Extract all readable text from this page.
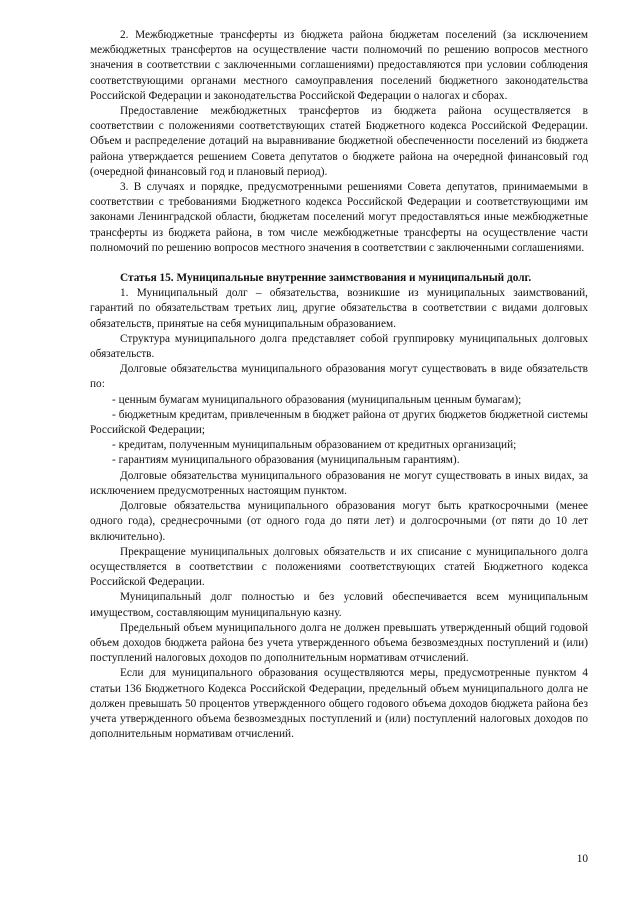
2. Межбюджетные трансферты из бюджета района бюджетам поселений (за исключением межбюджетных трансфертов на осуществление части полномочий по решению вопросов местного значения в соответствии с заключенными соглашениями) предоставляются при условии соблюдения соответствующими органами местного самоуправления поселений бюджетного законодательства Российской Федерации и законодательства Российской Федерации о налогах и сборах.

Предоставление межбюджетных трансфертов из бюджета района осуществляется в соответствии с положениями соответствующих статей Бюджетного кодекса Российской Федерации. Объем и распределение дотаций на выравнивание бюджетной обеспеченности поселений из бюджета района утверждается решением Совета депутатов о бюджете района на очередной финансовый год (очередной финансовый год и плановый период).

3. В случаях и порядке, предусмотренными решениями Совета депутатов, принимаемыми в соответствии с требованиями Бюджетного кодекса Российской Федерации и соответствующими им законами Ленинградской области, бюджетам поселений могут предоставляться иные межбюджетные трансферты из бюджета района, в том числе межбюджетные трансферты на осуществление части полномочий по решению вопросов местного значения в соответствии с заключенными соглашениями.

Статья 15. Муниципальные внутренние заимствования и муниципальный долг.

1. Муниципальный долг – обязательства, возникшие из муниципальных заимствований, гарантий по обязательствам третьих лиц, другие обязательства в соответствии с видами долговых обязательств, принятые на себя муниципальным образованием.

Структура муниципального долга представляет собой группировку муниципальных долговых обязательств.

Долговые обязательства муниципального образования могут существовать в виде обязательств по:

- ценным бумагам муниципального образования (муниципальным ценным бумагам);

- бюджетным кредитам, привлеченным в бюджет района от других бюджетов бюджетной системы Российской Федерации;

- кредитам, полученным муниципальным образованием от кредитных организаций;

- гарантиям муниципального образования (муниципальным гарантиям).

Долговые обязательства муниципального образования не могут существовать в иных видах, за исключением предусмотренных настоящим пунктом.

Долговые обязательства муниципального образования могут быть краткосрочными (менее одного года), среднесрочными (от одного года до пяти лет) и долгосрочными (от пяти до 10 лет включительно).

Прекращение муниципальных долговых обязательств и их списание с муниципального долга осуществляется в соответствии с положениями соответствующих статей Бюджетного кодекса Российской Федерации.

Муниципальный долг полностью и без условий обеспечивается всем муниципальным имуществом, составляющим муниципальную казну.

Предельный объем муниципального долга не должен превышать утвержденный общий годовой объем доходов бюджета района без учета утвержденного объема безвозмездных поступлений и (или) поступлений налоговых доходов по дополнительным нормативам отчислений.

Если для муниципального образования осуществляются меры, предусмотренные пунктом 4 статьи 136 Бюджетного Кодекса Российской Федерации, предельный объем муниципального долга не должен превышать 50 процентов утвержденного общего годового объема доходов бюджета района без учета утвержденного объема безвозмездных поступлений и (или) поступлений налоговых доходов по дополнительным нормативам отчислений.

10
